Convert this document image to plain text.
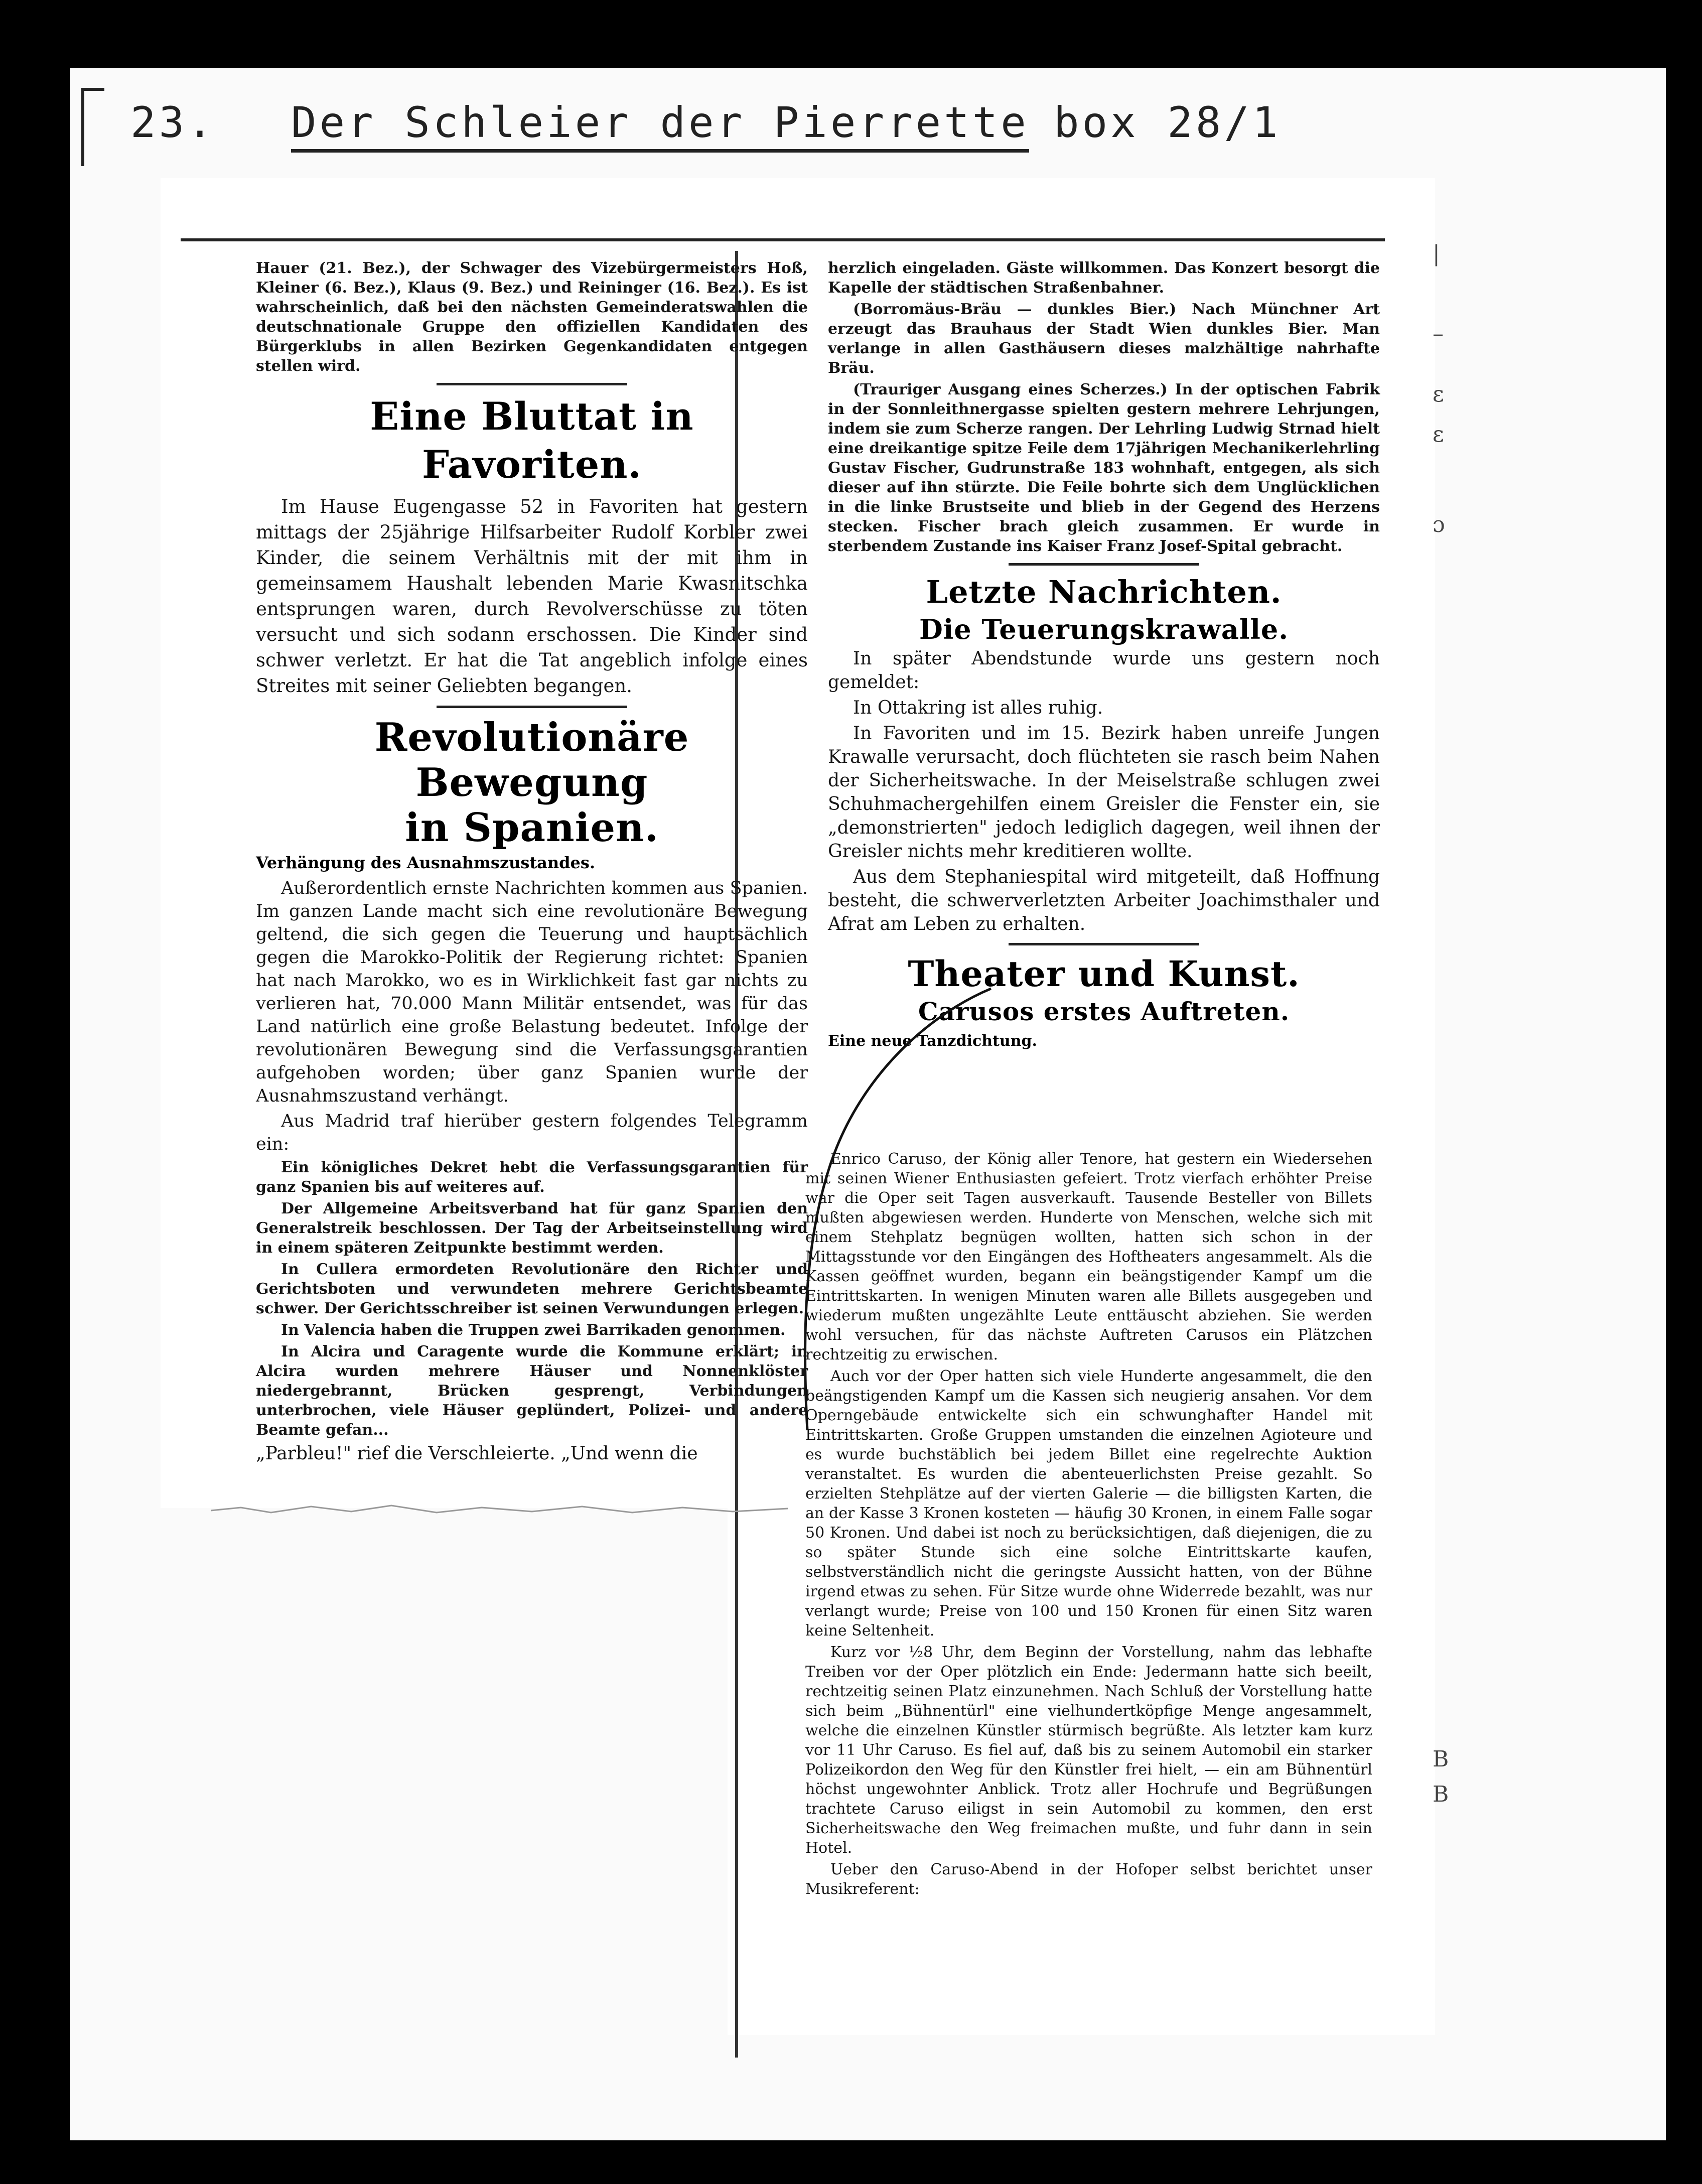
23. Der Schleier der Pierrette box 28/1
|
–
ɛ
ɛ
ɔ
B
B

Hauer (21. Bez.), der Schwager des Vizebürgermeisters Hoß, Kleiner (6. Bez.), Klaus (9. Bez.) und Reininger (16. Bez.). Es ist wahrscheinlich, daß bei den nächsten Gemeinderatswahlen die deutschnationale Gruppe den offiziellen Kandidaten des Bürgerklubs in allen Bezirken Gegenkandidaten entgegen stellen wird.

Eine Bluttat in Favoriten.

Im Hause Eugengasse 52 in Favoriten hat gestern mittags der 25jährige Hilfsarbeiter Rudolf Korbler zwei Kinder, die seinem Verhältnis mit der mit ihm in gemeinsamem Haushalt lebenden Marie Kwasnitschka entsprungen waren, durch Revolverschüsse zu töten versucht und sich sodann erschossen. Die Kinder sind schwer verletzt. Er hat die Tat angeblich infolge eines Streites mit seiner Geliebten begangen.

Revolutionäre Bewegung
in Spanien.

Verhängung des Ausnahmszustandes.

Außerordentlich ernste Nachrichten kommen aus Spanien. Im ganzen Lande macht sich eine revolutionäre Bewegung geltend, die sich gegen die Teuerung und hauptsächlich gegen die Marokko-Politik der Regierung richtet: Spanien hat nach Marokko, wo es in Wirklichkeit fast gar nichts zu verlieren hat, 70.000 Mann Militär entsendet, was für das Land natürlich eine große Belastung bedeutet. Infolge der revolutionären Bewegung sind die Verfassungsgarantien aufgehoben worden; über ganz Spanien wurde der Ausnahmszustand verhängt.

Aus Madrid traf hierüber gestern folgendes Telegramm ein:

Ein königliches Dekret hebt die Verfassungsgarantien für ganz Spanien bis auf weiteres auf.

Der Allgemeine Arbeitsverband hat für ganz Spanien den Generalstreik beschlossen. Der Tag der Arbeitseinstellung wird in einem späteren Zeitpunkte bestimmt werden.

In Cullera ermordeten Revolutionäre den Richter und Gerichtsboten und verwundeten mehrere Gerichtsbeamte schwer. Der Gerichtsschreiber ist seinen Verwundungen erlegen.

In Valencia haben die Truppen zwei Barrikaden genommen.

In Alcira und Caragente wurde die Kommune erklärt; in Alcira wurden mehrere Häuser und Nonnenklöster niedergebrannt, Brücken gesprengt, Verbindungen unterbrochen, viele Häuser geplündert, Polizei- und andere Beamte gefan...

„Parbleu!" rief die Verschleierte. „Und wenn die

herzlich eingeladen. Gäste willkommen. Das Konzert besorgt die Kapelle der städtischen Straßenbahner.

(Borromäus-Bräu — dunkles Bier.) Nach Münchner Art erzeugt das Brauhaus der Stadt Wien dunkles Bier. Man verlange in allen Gasthäusern dieses malzhältige nahrhafte Bräu.

(Trauriger Ausgang eines Scherzes.) In der optischen Fabrik in der Sonnleithnergasse spielten gestern mehrere Lehrjungen, indem sie zum Scherze rangen. Der Lehrling Ludwig Strnad hielt eine dreikantige spitze Feile dem 17jährigen Mechanikerlehrling Gustav Fischer, Gudrunstraße 183 wohnhaft, entgegen, als sich dieser auf ihn stürzte. Die Feile bohrte sich dem Unglücklichen in die linke Brustseite und blieb in der Gegend des Herzens stecken. Fischer brach gleich zusammen. Er wurde in sterbendem Zustande ins Kaiser Franz Josef-Spital gebracht.

Letzte Nachrichten.
Die Teuerungskrawalle.

In später Abendstunde wurde uns gestern noch gemeldet:

In Ottakring ist alles ruhig.

In Favoriten und im 15. Bezirk haben unreife Jungen Krawalle verursacht, doch flüchteten sie rasch beim Nahen der Sicherheitswache. In der Meiselstraße schlugen zwei Schuhmachergehilfen einem Greisler die Fenster ein, sie „demonstrierten" jedoch lediglich dagegen, weil ihnen der Greisler nichts mehr kreditieren wollte.

Aus dem Stephaniespital wird mitgeteilt, daß Hoffnung besteht, die schwerverletzten Arbeiter Joachimsthaler und Afrat am Leben zu erhalten.

Theater und Kunst.
Carusos erstes Auftreten.

Eine neue Tanzdichtung.

Enrico Caruso, der König aller Tenore, hat gestern ein Wiedersehen mit seinen Wiener Enthusiasten gefeiert. Trotz vierfach erhöhter Preise war die Oper seit Tagen ausverkauft. Tausende Besteller von Billets mußten abgewiesen werden. Hunderte von Menschen, welche sich mit einem Stehplatz begnügen wollten, hatten sich schon in der Mittagsstunde vor den Eingängen des Hoftheaters angesammelt. Als die Kassen geöffnet wurden, begann ein beängstigender Kampf um die Eintrittskarten. In wenigen Minuten waren alle Billets ausgegeben und wiederum mußten ungezählte Leute enttäuscht abziehen. Sie werden wohl versuchen, für das nächste Auftreten Carusos ein Plätzchen rechtzeitig zu erwischen.

Auch vor der Oper hatten sich viele Hunderte angesammelt, die den beängstigenden Kampf um die Kassen sich neugierig ansahen. Vor dem Operngebäude entwickelte sich ein schwunghafter Handel mit Eintrittskarten. Große Gruppen umstanden die einzelnen Agioteure und es wurde buchstäblich bei jedem Billet eine regelrechte Auktion veranstaltet. Es wurden die abenteuerlichsten Preise gezahlt. So erzielten Stehplätze auf der vierten Galerie — die billigsten Karten, die an der Kasse 3 Kronen kosteten — häufig 30 Kronen, in einem Falle sogar 50 Kronen. Und dabei ist noch zu berücksichtigen, daß diejenigen, die zu so später Stunde sich eine solche Eintrittskarte kaufen, selbstverständlich nicht die geringste Aussicht hatten, von der Bühne irgend etwas zu sehen. Für Sitze wurde ohne Widerrede bezahlt, was nur verlangt wurde; Preise von 100 und 150 Kronen für einen Sitz waren keine Seltenheit.

Kurz vor ½8 Uhr, dem Beginn der Vorstellung, nahm das lebhafte Treiben vor der Oper plötzlich ein Ende: Jedermann hatte sich beeilt, rechtzeitig seinen Platz einzunehmen. Nach Schluß der Vorstellung hatte sich beim „Bühnentürl" eine vielhundertköpfige Menge angesammelt, welche die einzelnen Künstler stürmisch begrüßte. Als letzter kam kurz vor 11 Uhr Caruso. Es fiel auf, daß bis zu seinem Automobil ein starker Polizeikordon den Weg für den Künstler frei hielt, — ein am Bühnentürl höchst ungewohnter Anblick. Trotz aller Hochrufe und Begrüßungen trachtete Caruso eiligst in sein Automobil zu kommen, den erst Sicherheitswache den Weg freimachen mußte, und fuhr dann in sein Hotel.

Ueber den Caruso-Abend in der Hofoper selbst berichtet unser Musikreferent:
